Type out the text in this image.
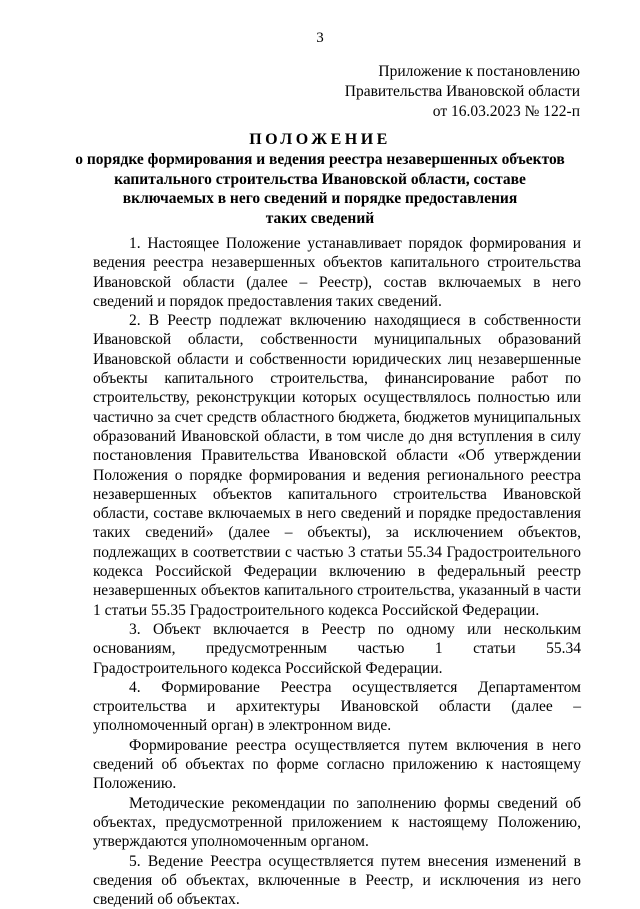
3
Приложение к постановлению
Правительства Ивановской области
от 16.03.2023 № 122-п
ПОЛОЖЕНИЕ
о порядке формирования и ведения реестра незавершенных объектов
капитального строительства Ивановской области, составе
включаемых в него сведений и порядке предоставления
таких сведений

1. Настоящее Положение устанавливает порядок формирования и ведения реестра незавершенных объектов капитального строительства Ивановской области (далее – Реестр), состав включаемых в него сведений и порядок предоставления таких сведений.

2. В Реестр подлежат включению находящиеся в собственности Ивановской области, собственности муниципальных образований Ивановской области и собственности юридических лиц незавершенные объекты капитального строительства, финансирование работ по строительству, реконструкции которых осуществлялось полностью или частично за счет средств областного бюджета, бюджетов муниципальных образований Ивановской области, в том числе до дня вступления в силу постановления Правительства Ивановской области «Об утверждении Положения о порядке формирования и ведения регионального реестра незавершенных объектов капитального строительства Ивановской области, составе включаемых в него сведений и порядке предоставления таких сведений» (далее – объекты), за исключением объектов, подлежащих в соответствии с частью 3 статьи 55.34 Градостроительного кодекса Российской Федерации включению в федеральный реестр незавершенных объектов капитального строительства, указанный в части 1 статьи 55.35 Градостроительного кодекса Российской Федерации.

3. Объект включается в Реестр по одному или нескольким основаниям, предусмотренным частью 1 статьи 55.34 Градостроительного кодекса Российской Федерации.

4. Формирование Реестра осуществляется Департаментом строительства и архитектуры Ивановской области (далее – уполномоченный орган) в электронном виде.

Формирование реестра осуществляется путем включения в него сведений об объектах по форме согласно приложению к настоящему Положению.

Методические рекомендации по заполнению формы сведений об объектах, предусмотренной приложением к настоящему Положению, утверждаются уполномоченным органом.

5. Ведение Реестра осуществляется путем внесения изменений в сведения об объектах, включенные в Реестр, и исключения из него сведений об объектах.
